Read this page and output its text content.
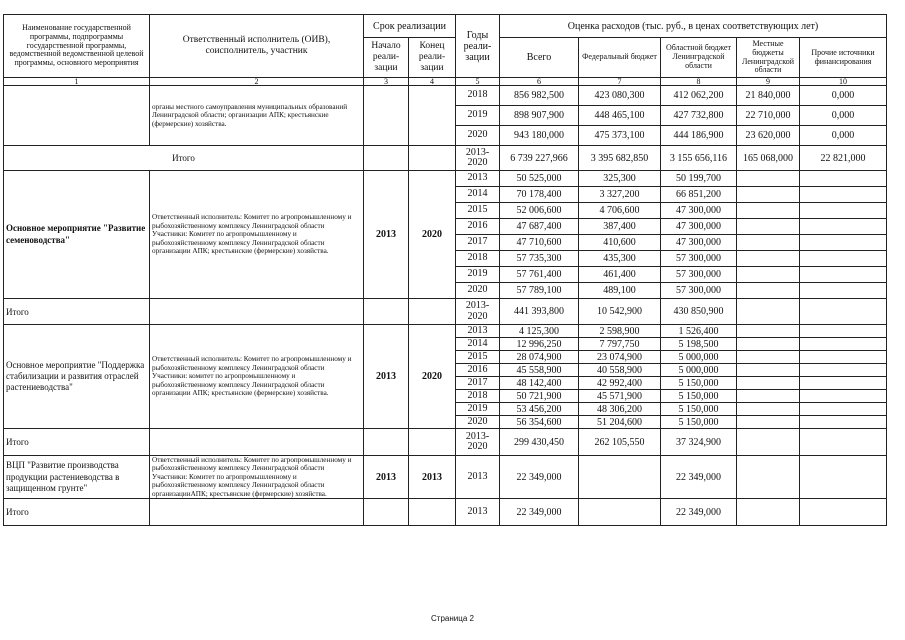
Наименование государственной программы, подпрограммы государственной программы, ведомственной ведомственной целевой программы, основного мероприятия	Ответственный исполнитель (ОИВ), соисполнитель, участник	Срок реализации		Годы реали-зации	Оценка расходов (тыс. руб., в ценах соответствующих лет)				
		Начало реали-зации	Конец реали-зации		Всего	Федеральный бюджет	Областной бюджет Ленинградской области	Местные бюджеты Ленинградской области	Прочие источники финансирования
1	2	3	4	5	6	7	8	9	10
	органы местного самоуправления муниципальных образований Ленинградской области; организации АПК; крестьянские (фермерские) хозяйства.			2018	856 982,500	423 080,300	412 062,200	21 840,000	0,000
				2019	898 907,900	448 465,100	427 732,800	22 710,000	0,000
				2020	943 180,000	475 373,100	444 186,900	23 620,000	0,000
Итого				2013-2020	6 739 227,966	3 395 682,850	3 155 656,116	165 068,000	22 821,000
Основное мероприятие "Развитие семеноводства"	Ответственный исполнитель: Комитет по агропромышленному и рыбохозяйственному комплексу Ленинградской области Участники: Комитет по агропромышленному и рыбохозяйственному комплексу Ленинградской области организации АПК; крестьянские (фермерские) хозяйства.	2013	2020	2013	50 525,000	325,300	50 199,700		
				2014	70 178,400	3 327,200	66 851,200		
				2015	52 006,600	4 706,600	47 300,000		
				2016	47 687,400	387,400	47 300,000		
				2017	47 710,600	410,600	47 300,000		
				2018	57 735,300	435,300	57 300,000		
				2019	57 761,400	461,400	57 300,000		
				2020	57 789,100	489,100	57 300,000		
Итого				2013-2020	441 393,800	10 542,900	430 850,900		
Основное мероприятие "Поддержка стабилизации и развития отраслей растениеводства"	Ответственный исполнитель: Комитет по агропромышленному и рыбохозяйственному комплексу Ленинградской области Участники: комитет по агропромышленному и рыбохозяйственному комплексу Ленинградской области организации АПК; крестьянские (фермерские) хозяйства.	2013	2020	2013	4 125,300	2 598,900	1 526,400		
				2014	12 996,250	7 797,750	5 198,500		
				2015	28 074,900	23 074,900	5 000,000		
				2016	45 558,900	40 558,900	5 000,000		
				2017	48 142,400	42 992,400	5 150,000		
				2018	50 721,900	45 571,900	5 150,000		
				2019	53 456,200	48 306,200	5 150,000		
				2020	56 354,600	51 204,600	5 150,000		
Итого				2013-2020	299 430,450	262 105,550	37 324,900		
ВЦП "Развитие производства продукции растениеводства в защищенном грунте"	Ответственный исполнитель: Комитет по агропромышленному и рыбохозяйственному комплексу Ленинградской области Участники: Комитет по агропромышленному и рыбохозяйственному комплексу Ленинградской области организацииАПК; крестьянские (фермерские) хозяйства.	2013	2013	2013	22 349,000		22 349,000		
Итого				2013	22 349,000		22 349,000		
Страница 2
